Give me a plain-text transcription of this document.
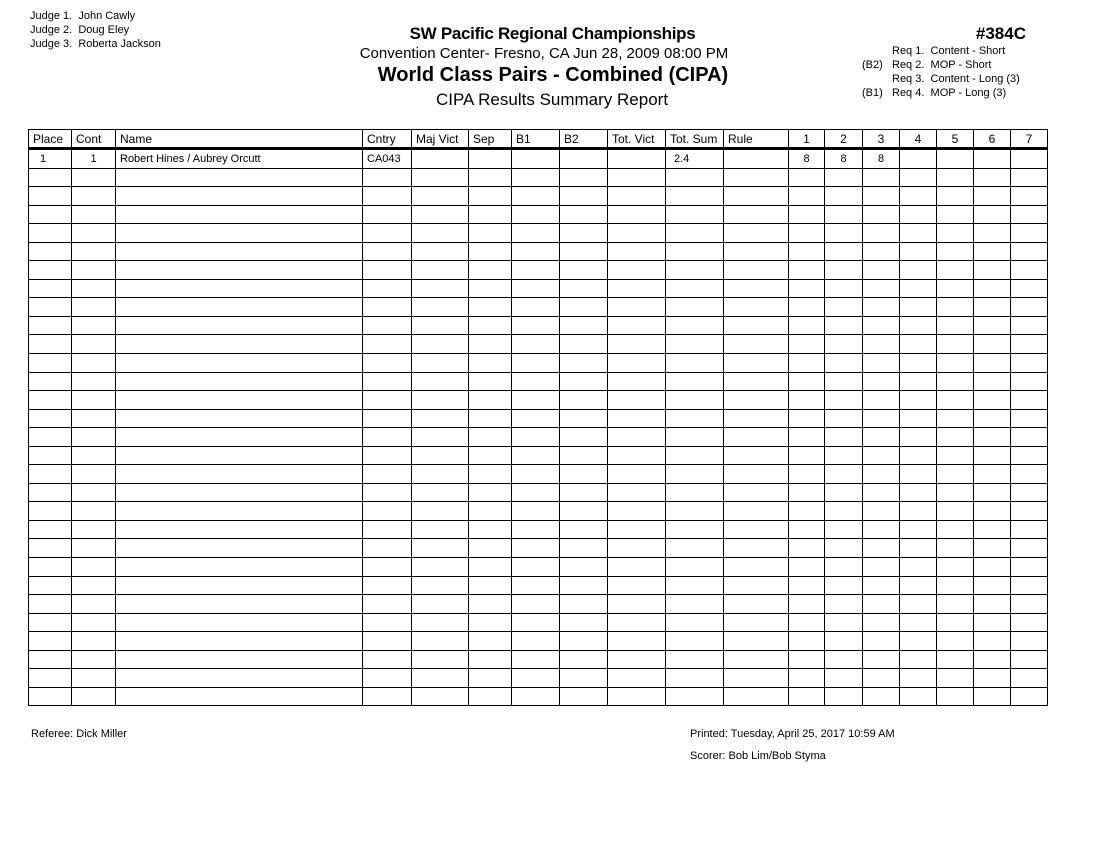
Judge 1. John Cawly
Judge 2. Doug Eley
Judge 3. Roberta Jackson
SW Pacific Regional Championships
Convention Center- Fresno, CA Jun 28, 2009 08:00 PM
World Class Pairs - Combined (CIPA)
CIPA Results Summary Report
#384C
Req 1. Content - Short
(B2) Req 2. MOP - Short
Req 3. Content - Long (3)
(B1) Req 4. MOP - Long (3)
Place	Cont	Name	Cntry	Maj Vict	Sep	B1	B2	Tot. Vict	Tot. Sum	Rule	1	2	3	4	5	6	7
1	1	Robert Hines / Aubrey Orcutt	CA043						2.4		8	8	8				

Referee: Dick Miller	Printed: Tuesday, April 25, 2017 10:59 AM
Scorer: Bob Lim/Bob Styma
